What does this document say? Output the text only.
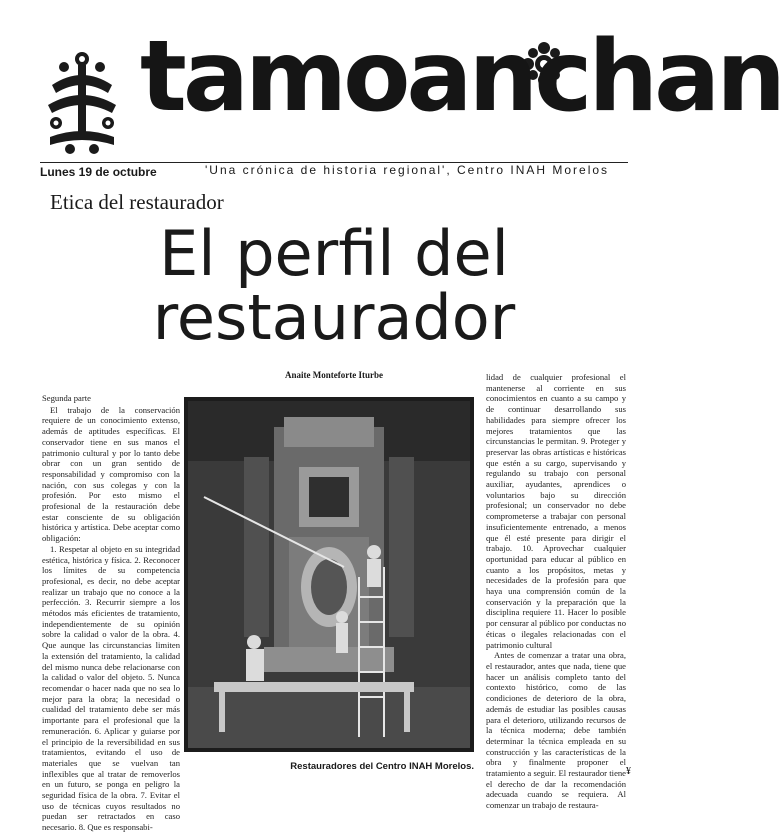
tamoanchan
Lunes 19 de octubre	'Una crónica de historia regional', Centro INAH Morelos
Etica del restaurador
El perfil del
restaurador
Anaite Monteforte Iturbe

Segunda parte

El trabajo de la conservación requiere de un conocimiento extenso, además de aptitudes específicas. El conservador tiene en sus manos el patrimonio cultural y por lo tanto debe obrar con un gran sentido de responsabilidad y compromiso con la nación, con sus colegas y con la profesión. Por esto mismo el profesional de la restauración debe estar consciente de su obligación histórica y artística. Debe aceptar como obligación:

1. Respetar al objeto en su integridad estética, histórica y física. 2. Reconocer los límites de su competencia profesional, es decir, no debe aceptar realizar un trabajo que no conoce a la perfección. 3. Recurrir siempre a los métodos más eficientes de tratamiento, independientemente de su opinión sobre la calidad o valor de la obra. 4. Que aunque las circunstancias limiten la extensión del tratamiento, la calidad del mismo nunca debe relacionarse con la calidad o valor del objeto. 5. Nunca recomendar o hacer nada que no sea lo mejor para la obra; la necesidad o cualidad del tratamiento debe ser más importante para el profesional que la remuneración. 6. Aplicar y guiarse por el principio de la reversibilidad en sus tratamientos, evitando el uso de materiales que se vuelvan tan inflexibles que al tratar de removerlos en un futuro, se ponga en peligro la seguridad física de la obra. 7. Evitar el uso de técnicas cuyos resultados no puedan ser retractados en caso necesario. 8. Que es responsabi-

Restauradores del Centro INAH Morelos.

lidad de cualquier profesional el mantenerse al corriente en sus conocimientos en cuanto a su campo y de continuar desarrollando sus habilidades para siempre ofrecer los mejores tratamientos que las circunstancias le permitan. 9. Proteger y preservar las obras artísticas e históricas que estén a su cargo, supervisando y regulando su trabajo con personal auxiliar, ayudantes, aprendices o voluntarios bajo su dirección profesional; un conservador no debe comprometerse a trabajar con personal insuficientemente entrenado, a menos que él esté presente para dirigir el trabajo. 10. Aprovechar cualquier oportunidad para educar al público en cuanto a los propósitos, metas y necesidades de la profesión para que haya una comprensión común de la conservación y la preparación que la disciplina requiere 11. Hacer lo posible por censurar al público por conductas no éticas o ilegales relacionadas con el patrimonio cultural

Antes de comenzar a tratar una obra, el restaurador, antes que nada, tiene que hacer un análisis completo tanto del contexto histórico, como de las condiciones de deterioro de la obra, además de estudiar las posibles causas para el deterioro, utilizando recursos de la técnica moderna; debe también determinar la técnica empleada en su construcción y las características de la obra y finalmente proponer el tratamiento a seguir. El restaurador tiene el derecho de dar la recomendación adecuada cuando se requiera. Al comenzar un trabajo de restaura-

¥
